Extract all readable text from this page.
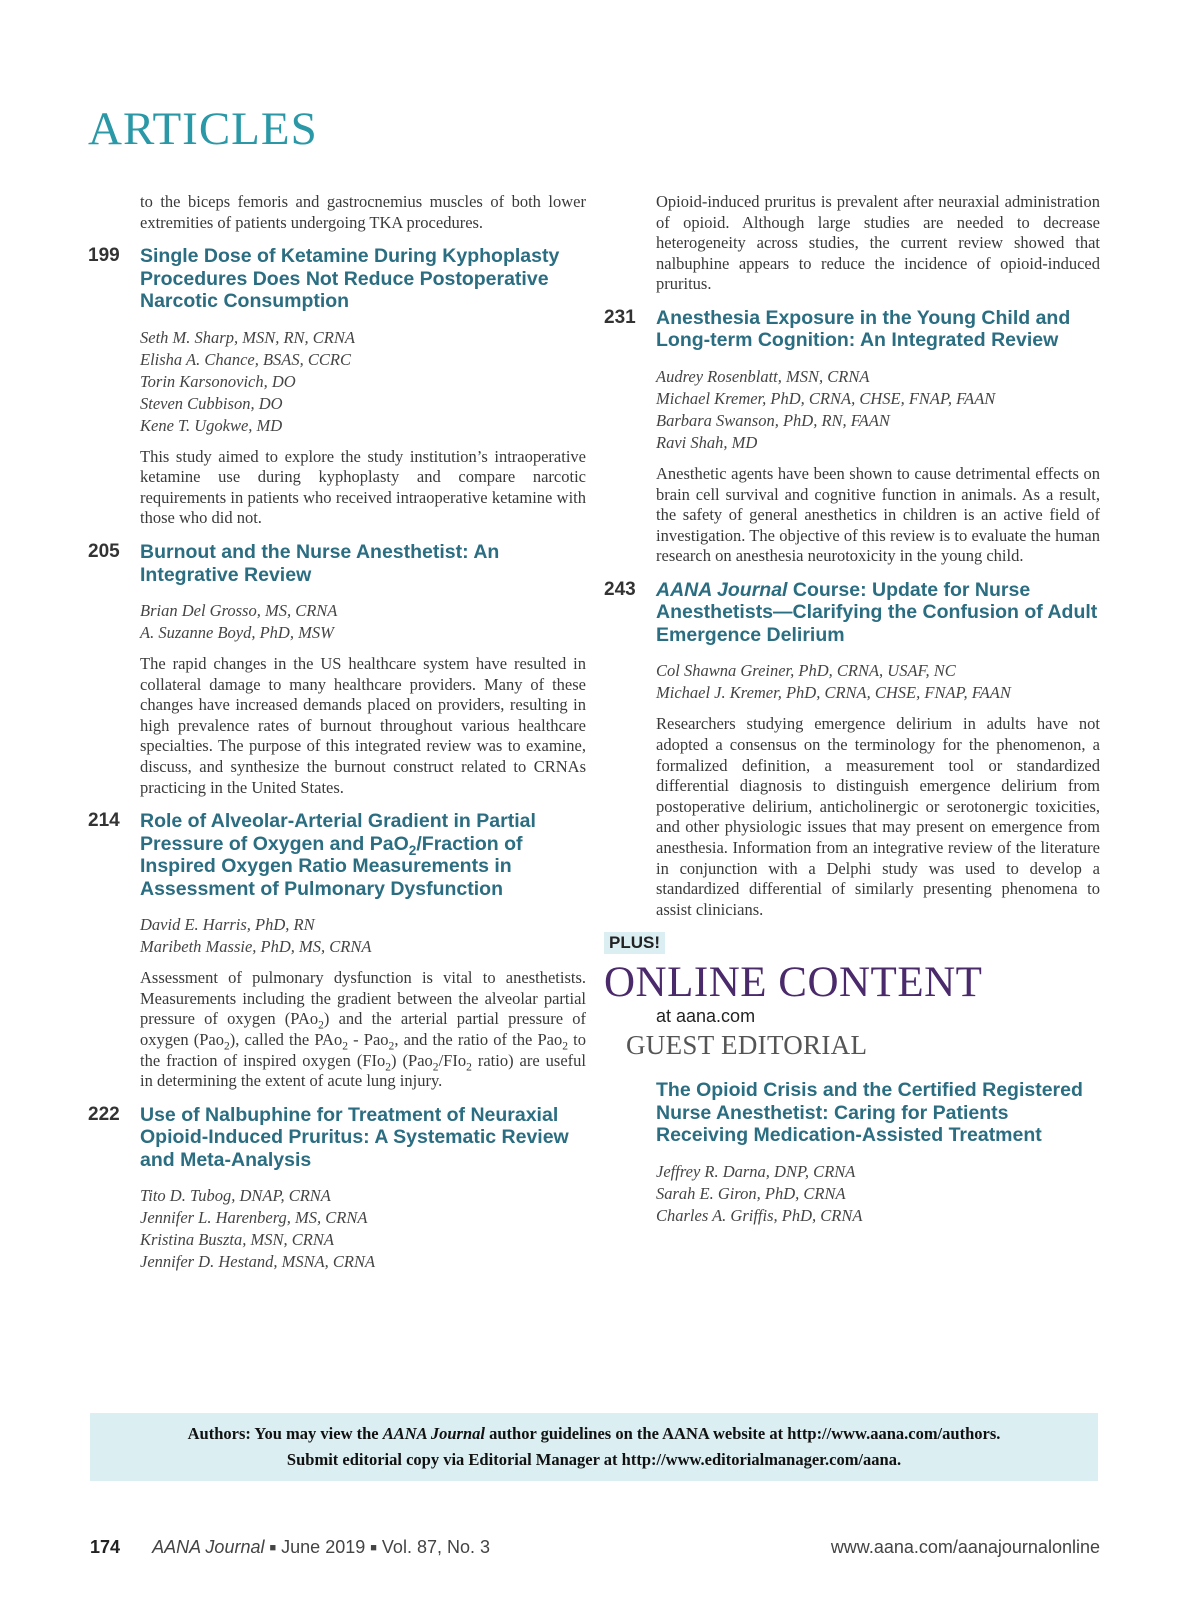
ARTICLES

to the biceps femoris and gastrocnemius muscles of both lower extremities of patients undergoing TKA procedures.

199	Single Dose of Ketamine During Kyphoplasty Procedures Does Not Reduce Postoperative Narcotic Consumption
Seth M. Sharp, MSN, RN, CRNA
Elisha A. Chance, BSAS, CCRC
Torin Karsonovich, DO
Steven Cubbison, DO
Kene T. Ugokwe, MD

This study aimed to explore the study institution’s intraoperative ketamine use during kyphoplasty and compare narcotic requirements in patients who received intraoperative ketamine with those who did not.

205	Burnout and the Nurse Anesthetist: An Integrative Review
Brian Del Grosso, MS, CRNA
A. Suzanne Boyd, PhD, MSW

The rapid changes in the US healthcare system have resulted in collateral damage to many healthcare providers. Many of these changes have increased demands placed on providers, resulting in high prevalence rates of burnout throughout various healthcare specialties. The purpose of this integrated review was to examine, discuss, and synthesize the burnout construct related to CRNAs practicing in the United States.

214	Role of Alveolar-Arterial Gradient in Partial Pressure of Oxygen and PaO$_2$/Fraction of Inspired Oxygen Ratio Measurements in Assessment of Pulmonary Dysfunction
David E. Harris, PhD, RN
Maribeth Massie, PhD, MS, CRNA

Assessment of pulmonary dysfunction is vital to anesthetists. Measurements including the gradient between the alveolar partial pressure of oxygen (PAo$_2$) and the arterial partial pressure of oxygen (Pao$_2$), called the PAo$_2$ - Pao$_2$, and the ratio of the Pao$_2$ to the fraction of inspired oxygen (FIo$_2$) (Pao$_2$/FIo$_2$ ratio) are useful in determining the extent of acute lung injury.

222	Use of Nalbuphine for Treatment of Neuraxial Opioid-Induced Pruritus: A Systematic Review and Meta-Analysis
Tito D. Tubog, DNAP, CRNA
Jennifer L. Harenberg, MS, CRNA
Kristina Buszta, MSN, CRNA
Jennifer D. Hestand, MSNA, CRNA

Opioid-induced pruritus is prevalent after neuraxial administration of opioid. Although large studies are needed to decrease heterogeneity across studies, the current review showed that nalbuphine appears to reduce the incidence of opioid-induced pruritus.

231	Anesthesia Exposure in the Young Child and Long-term Cognition: An Integrated Review
Audrey Rosenblatt, MSN, CRNA
Michael Kremer, PhD, CRNA, CHSE, FNAP, FAAN
Barbara Swanson, PhD, RN, FAAN
Ravi Shah, MD

Anesthetic agents have been shown to cause detrimental effects on brain cell survival and cognitive function in animals. As a result, the safety of general anesthetics in children is an active field of investigation. The objective of this review is to evaluate the human research on anesthesia neurotoxicity in the young child.

243	AANA Journal Course: Update for Nurse Anesthetists—Clarifying the Confusion of Adult Emergence Delirium
Col Shawna Greiner, PhD, CRNA, USAF, NC
Michael J. Kremer, PhD, CRNA, CHSE, FNAP, FAAN

Researchers studying emergence delirium in adults have not adopted a consensus on the terminology for the phenomenon, a formalized definition, a measurement tool or standardized differential diagnosis to distinguish emergence delirium from postoperative delirium, anticholinergic or serotonergic toxicities, and other physiologic issues that may present on emergence from anesthesia. Information from an integrative review of the literature in conjunction with a Delphi study was used to develop a standardized differential of similarly presenting phenomena to assist clinicians.

PLUS!
ONLINE CONTENT
at aana.com
GUEST EDITORIAL
The Opioid Crisis and the Certified Registered Nurse Anesthetist: Caring for Patients Receiving Medication-Assisted Treatment
Jeffrey R. Darna, DNP, CRNA
Sarah E. Giron, PhD, CRNA
Charles A. Griffis, PhD, CRNA
Authors: You may view the AANA Journal author guidelines on the AANA website at http://www.aana.com/authors.
Submit editorial copy via Editorial Manager at http://www.editorialmanager.com/aana.
174 AANA Journal ■ June 2019 ■ Vol. 87, No. 3	www.aana.com/aanajournalonline
